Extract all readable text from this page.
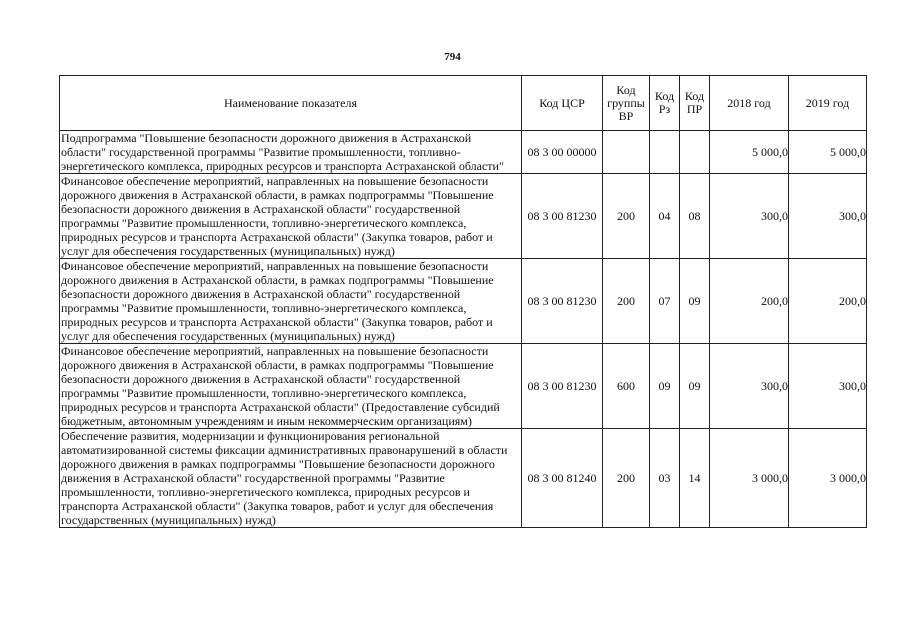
794
Наименование показателя	Код ЦСР	Код группы ВР	Код Рз	Код ПР	2018 год	2019 год
Подпрограмма "Повышение безопасности дорожного движения в Астраханской области" государственной программы "Развитие промышленности, топливно-энергетического комплекса, природных ресурсов и транспорта Астраханской области"	08 3 00 00000				5 000,0	5 000,0
Финансовое обеспечение мероприятий, направленных на повышение безопасности дорожного движения в Астраханской области, в рамках подпрограммы "Повышение безопасности дорожного движения в Астраханской области" государственной программы "Развитие промышленности, топливно-энергетического комплекса, природных ресурсов и транспорта Астраханской области" (Закупка товаров, работ и услуг для обеспечения государственных (муниципальных) нужд)	08 3 00 81230	200	04	08	300,0	300,0
Финансовое обеспечение мероприятий, направленных на повышение безопасности дорожного движения в Астраханской области, в рамках подпрограммы "Повышение безопасности дорожного движения в Астраханской области" государственной программы "Развитие промышленности, топливно-энергетического комплекса, природных ресурсов и транспорта Астраханской области" (Закупка товаров, работ и услуг для обеспечения государственных (муниципальных) нужд)	08 3 00 81230	200	07	09	200,0	200,0
Финансовое обеспечение мероприятий, направленных на повышение безопасности дорожного движения в Астраханской области, в рамках подпрограммы "Повышение безопасности дорожного движения в Астраханской области" государственной программы "Развитие промышленности, топливно-энергетического комплекса, природных ресурсов и транспорта Астраханской области" (Предоставление субсидий бюджетным, автономным учреждениям и иным некоммерческим организациям)	08 3 00 81230	600	09	09	300,0	300,0
Обеспечение развития, модернизации и функционирования региональной автоматизированной системы фиксации административных правонарушений в области дорожного движения в рамках подпрограммы "Повышение безопасности дорожного движения в Астраханской области" государственной программы "Развитие промышленности, топливно-энергетического комплекса, природных ресурсов и транспорта Астраханской области" (Закупка товаров, работ и услуг для обеспечения государственных (муниципальных) нужд)	08 3 00 81240	200	03	14	3 000,0	3 000,0
